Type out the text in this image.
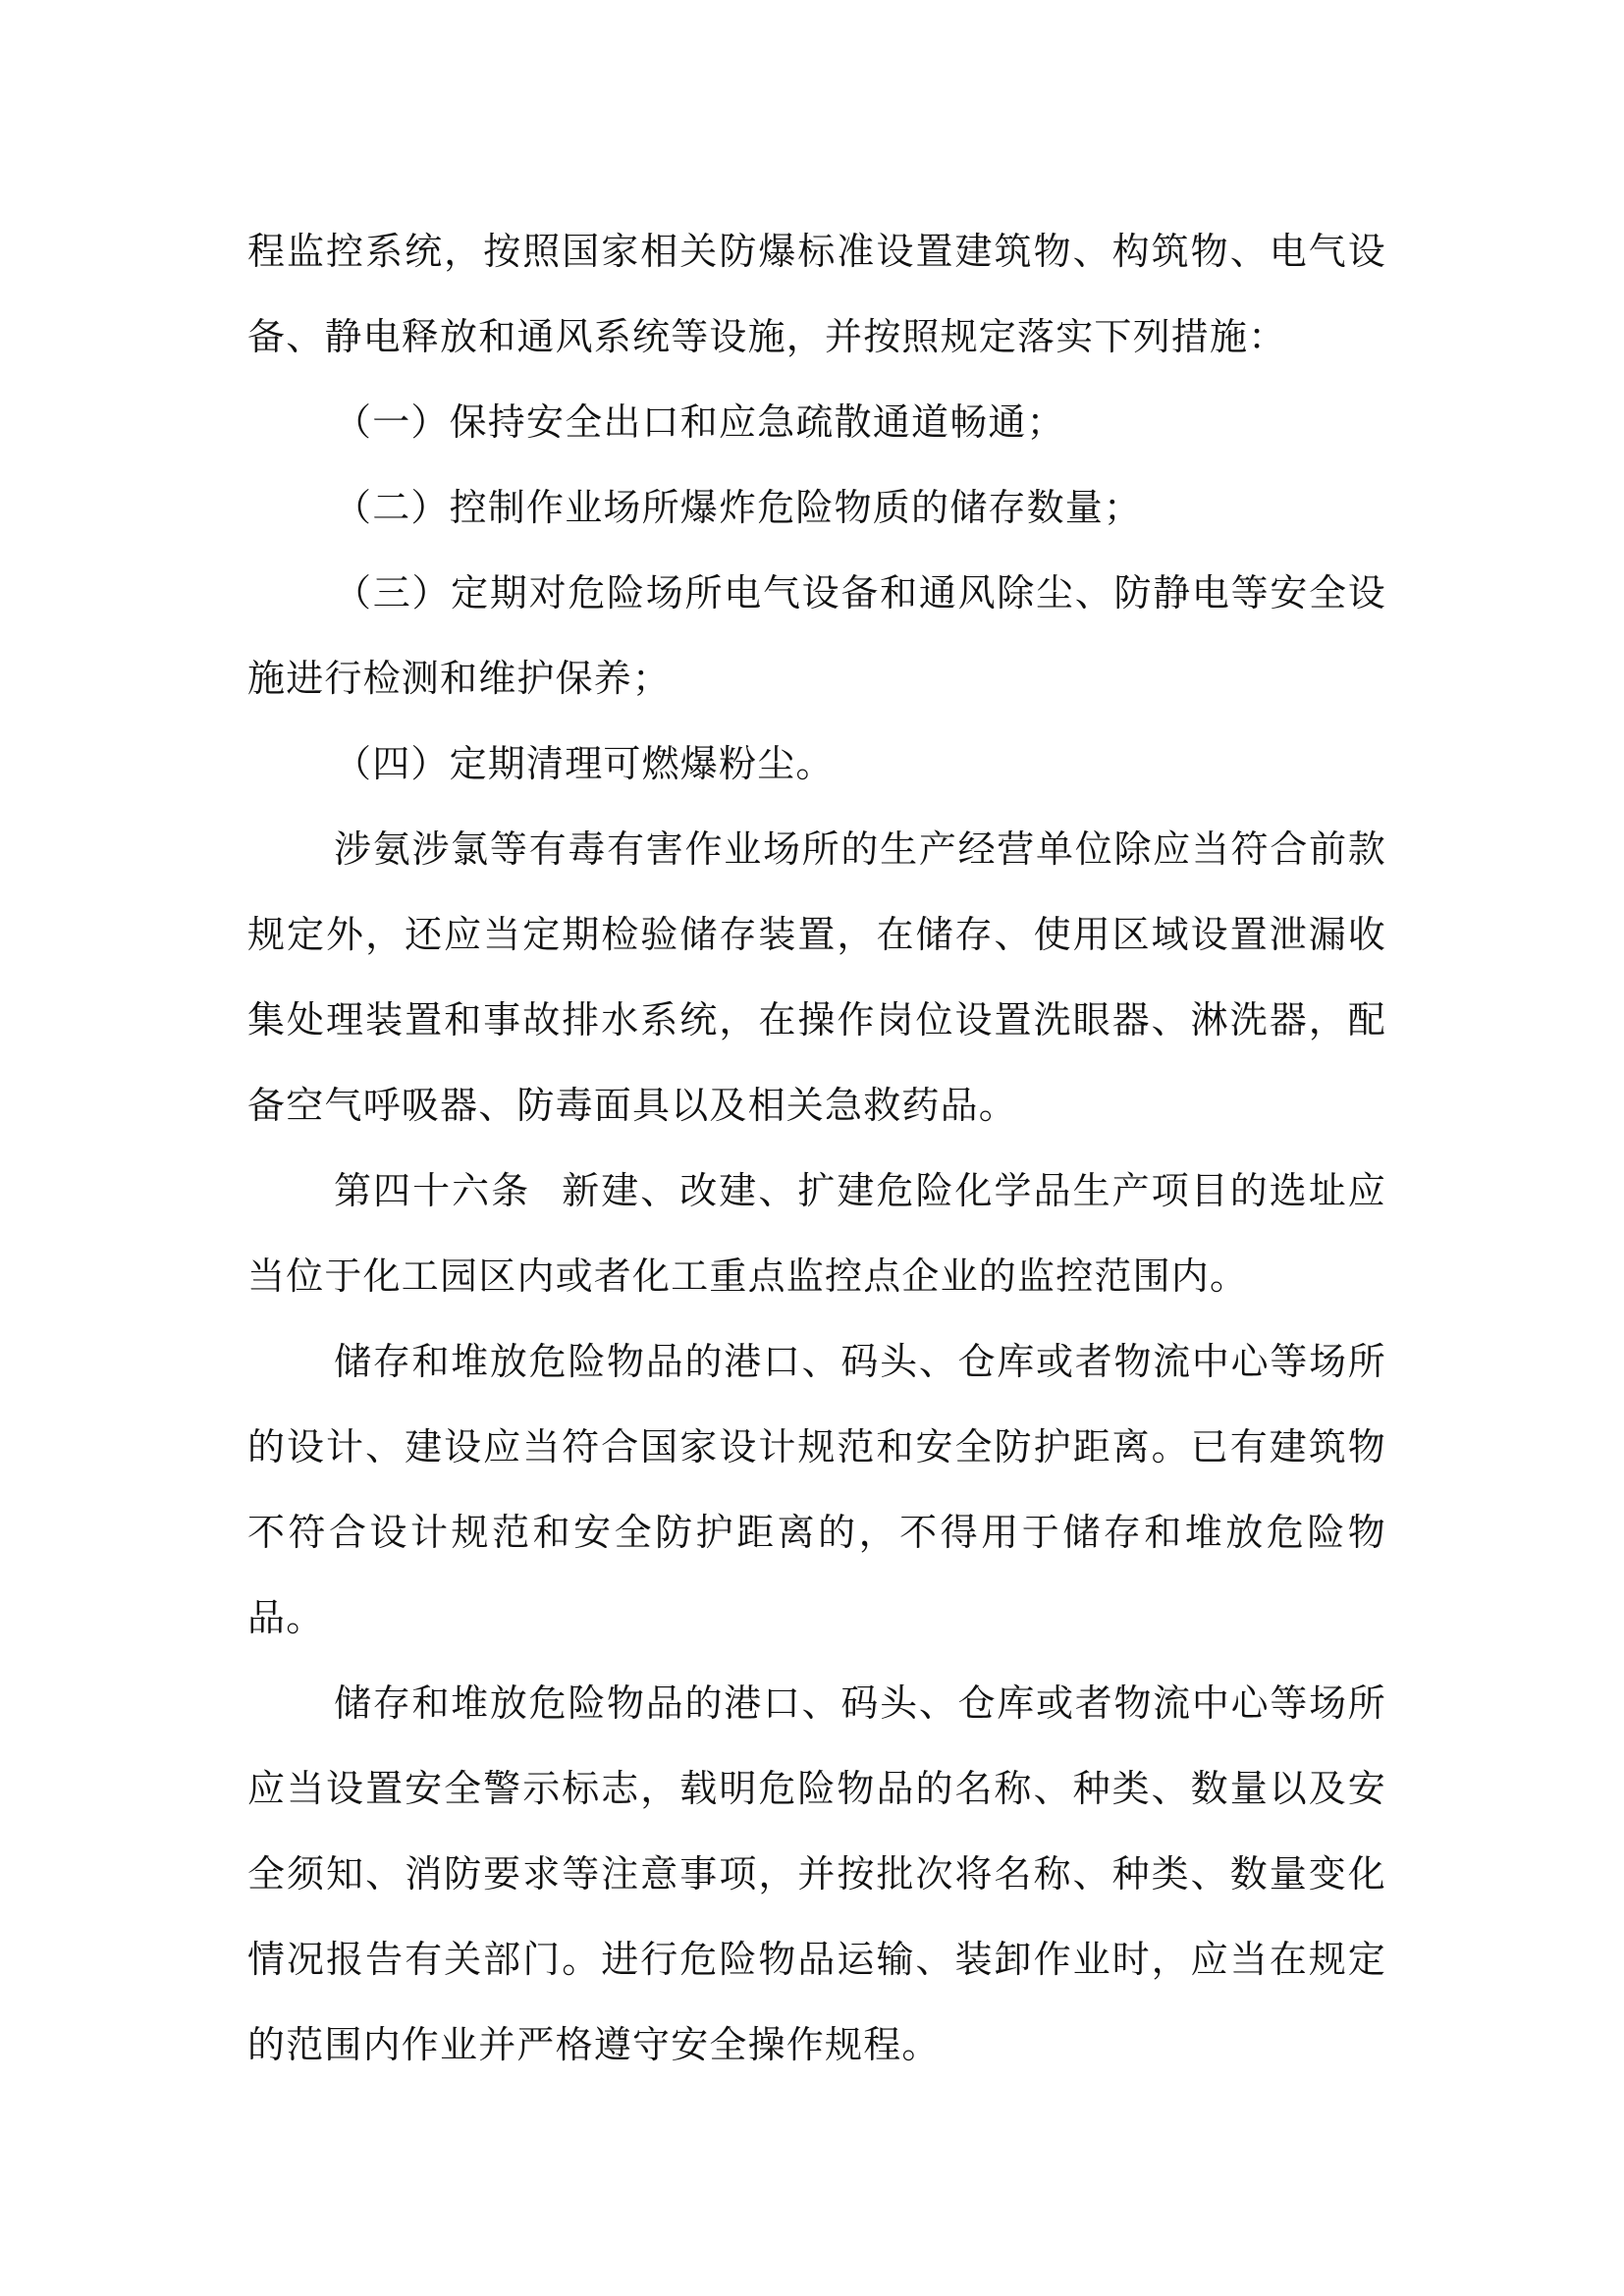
程监控系统，按照国家相关防爆标准设置建筑物、构筑物、电气设备、静电释放和通风系统等设施，并按照规定落实下列措施：

（一）保持安全出口和应急疏散通道畅通；

（二）控制作业场所爆炸危险物质的储存数量；

（三）定期对危险场所电气设备和通风除尘、防静电等安全设施进行检测和维护保养；

（四）定期清理可燃爆粉尘。

涉氨涉氯等有毒有害作业场所的生产经营单位除应当符合前款规定外，还应当定期检验储存装置，在储存、使用区域设置泄漏收集处理装置和事故排水系统，在操作岗位设置洗眼器、淋洗器，配备空气呼吸器、防毒面具以及相关急救药品。

第四十六条 新建、改建、扩建危险化学品生产项目的选址应当位于化工园区内或者化工重点监控点企业的监控范围内。

储存和堆放危险物品的港口、码头、仓库或者物流中心等场所的设计、建设应当符合国家设计规范和安全防护距离。已有建筑物不符合设计规范和安全防护距离的，不得用于储存和堆放危险物品。

储存和堆放危险物品的港口、码头、仓库或者物流中心等场所应当设置安全警示标志，载明危险物品的名称、种类、数量以及安全须知、消防要求等注意事项，并按批次将名称、种类、数量变化情况报告有关部门。进行危险物品运输、装卸作业时，应当在规定的范围内作业并严格遵守安全操作规程。
